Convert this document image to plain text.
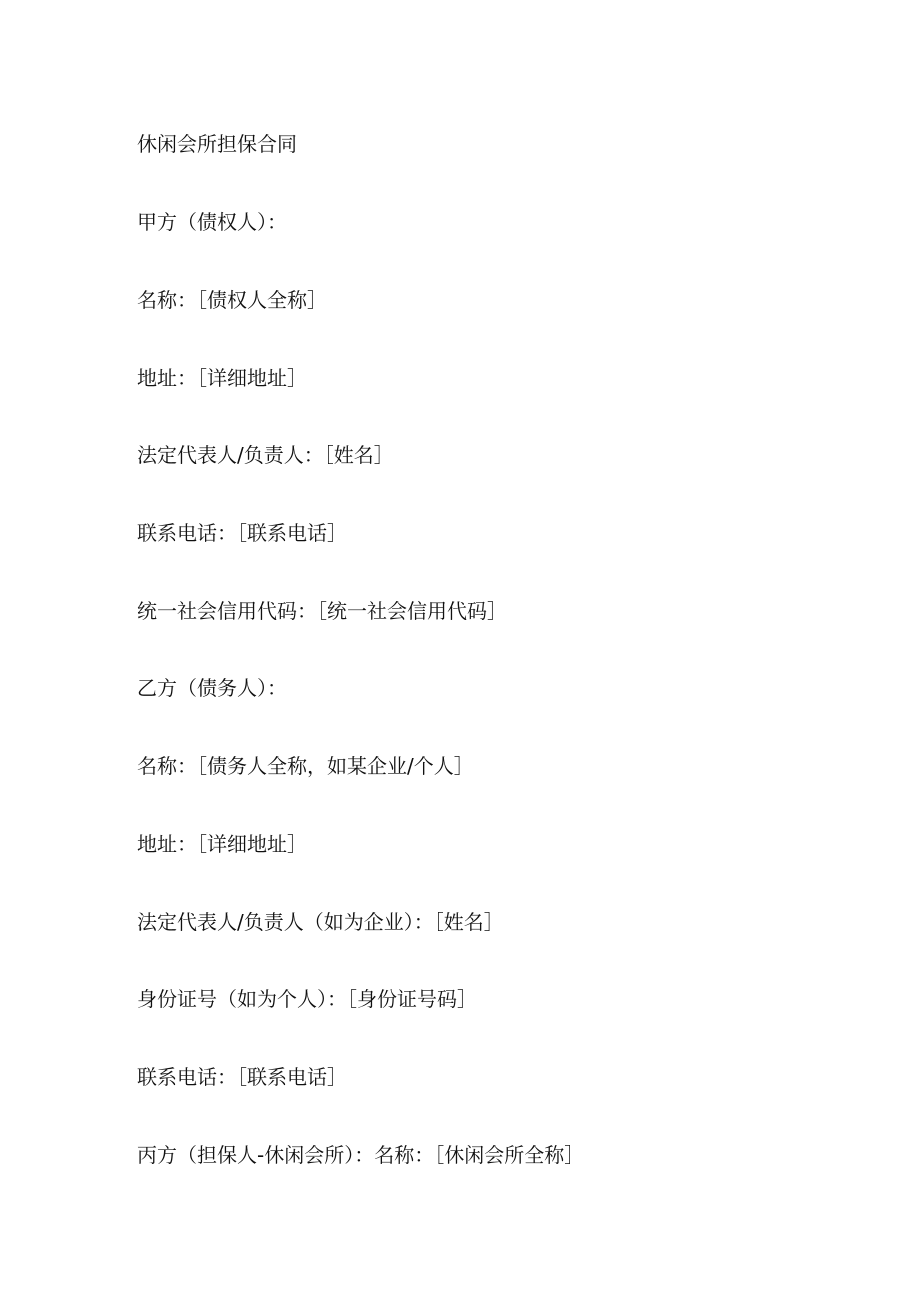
休闲会所担保合同

甲方（债权人）：

名称：［债权人全称］

地址：［详细地址］

法定代表人/负责人：［姓名］

联系电话：［联系电话］

统一社会信用代码：［统一社会信用代码］

乙方（债务人）：

名称：［债务人全称，如某企业/个人］

地址：［详细地址］

法定代表人/负责人（如为企业）：［姓名］

身份证号（如为个人）：［身份证号码］

联系电话：［联系电话］

丙方（担保人-休闲会所）：名称：［休闲会所全称］
